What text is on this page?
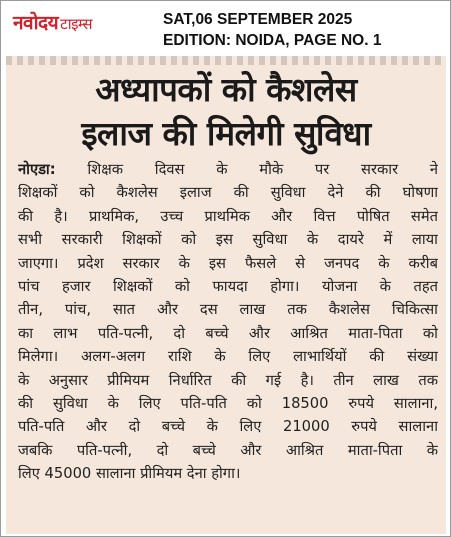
नवोदय टाइम्स	SAT,06 SEPTEMBER 2025
EDITION: NOIDA, PAGE NO. 1
अध्यापकों को कैशलेस
इलाज की मिलेगी सुविधा
नोएडा: शिक्षक दिवस के मौके पर सरकार ने
शिक्षकों को कैशलेस इलाज की सुविधा देने की घोषणा
की है। प्राथमिक, उच्च प्राथमिक और वित्त पोषित समेत
सभी सरकारी शिक्षकों को इस सुविधा के दायरे में लाया
जाएगा। प्रदेश सरकार के इस फैसले से जनपद के करीब
पांच हजार शिक्षकों को फायदा होगा। योजना के तहत
तीन, पांच, सात और दस लाख तक कैशलेस चिकित्सा
का लाभ पति-पत्नी, दो बच्चे और आश्रित माता-पिता को
मिलेगा। अलग-अलग राशि के लिए लाभार्थियों की संख्या
के अनुसार प्रीमियम निर्धारित की गई है। तीन लाख तक
की सुविधा के लिए पति-पति को 18500 रुपये सालाना,
पति-पति और दो बच्चे के लिए 21000 रुपये सालाना
जबकि पति-पत्नी, दो बच्चे और आश्रित माता-पिता के
लिए 45000 सालाना प्रीमियम देना होगा।
